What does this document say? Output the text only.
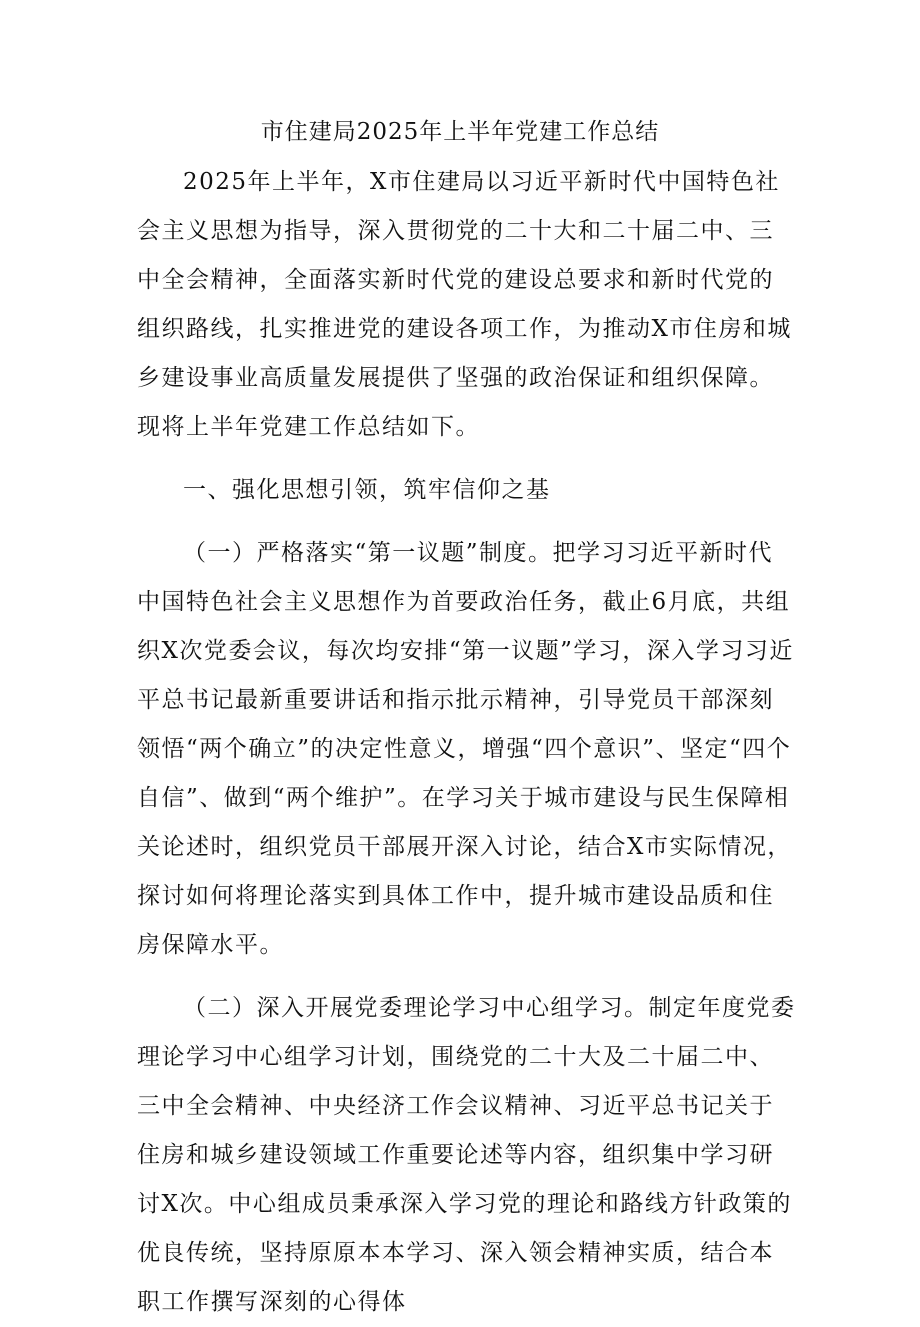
市住建局2025年上半年党建工作总结

2025年上半年，X市住建局以习近平新时代中国特色社会主义思想为指导，深入贯彻党的二十大和二十届二中、三中全会精神，全面落实新时代党的建设总要求和新时代党的组织路线，扎实推进党的建设各项工作，为推动X市住房和城乡建设事业高质量发展提供了坚强的政治保证和组织保障。现将上半年党建工作总结如下。

一、强化思想引领，筑牢信仰之基

（一）严格落实“第一议题”制度。把学习习近平新时代中国特色社会主义思想作为首要政治任务，截止6月底，共组织X次党委会议，每次均安排“第一议题”学习，深入学习习近平总书记最新重要讲话和指示批示精神，引导党员干部深刻领悟“两个确立”的决定性意义，增强“四个意识”、坚定“四个自信”、做到“两个维护”。在学习关于城市建设与民生保障相关论述时，组织党员干部展开深入讨论，结合X市实际情况，探讨如何将理论落实到具体工作中，提升城市建设品质和住房保障水平。

（二）深入开展党委理论学习中心组学习。制定年度党委理论学习中心组学习计划，围绕党的二十大及二十届二中、三中全会精神、中央经济工作会议精神、习近平总书记关于住房和城乡建设领域工作重要论述等内容，组织集中学习研讨X次。中心组成员秉承深入学习党的理论和路线方针政策的优良传统，坚持原原本本学习、深入领会精神实质，结合本职工作撰写深刻的心得体
